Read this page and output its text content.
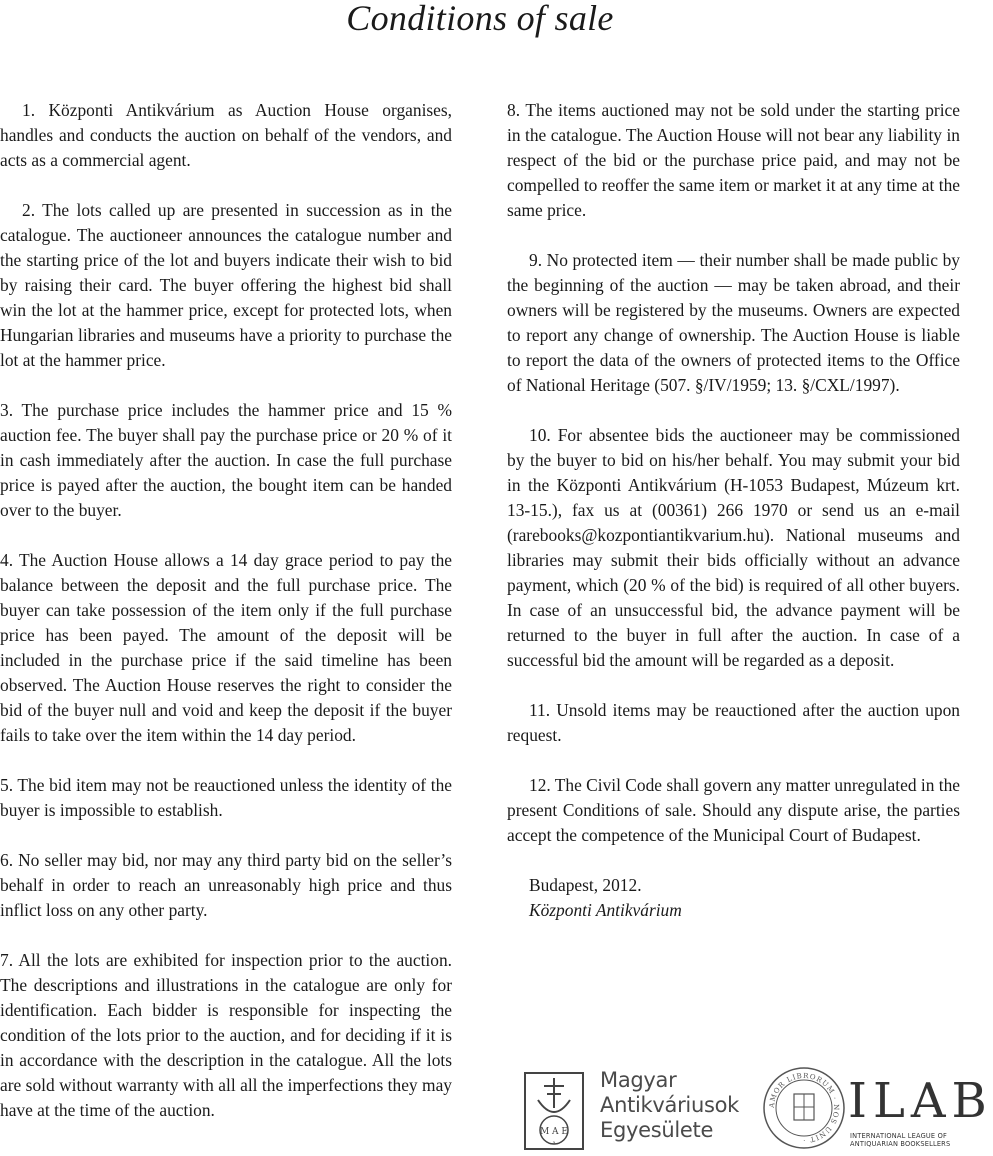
Conditions of sale

1. Központi Antikvárium as Auction House organises, handles and conducts the auction on behalf of the vendors, and acts as a commercial agent.

2. The lots called up are presented in succession as in the catalogue. The auctioneer announces the catalogue number and the starting price of the lot and buyers indicate their wish to bid by raising their card. The buyer offering the highest bid shall win the lot at the hammer price, except for protected lots, when Hungarian libraries and museums have a priority to purchase the lot at the hammer price.

3. The purchase price includes the hammer price and 15 % auction fee. The buyer shall pay the purchase price or 20 % of it in cash immediately after the auction. In case the full purchase price is payed after the auction, the bought item can be handed over to the buyer.

4. The Auction House allows a 14 day grace period to pay the balance between the deposit and the full purchase price. The buyer can take possession of the item only if the full purchase price has been payed. The amount of the deposit will be included in the purchase price if the said timeline has been observed. The Auction House reserves the right to consider the bid of the buyer null and void and keep the deposit if the buyer fails to take over the item within the 14 day period.

5. The bid item may not be reauctioned unless the identity of the buyer is impossible to establish.

6. No seller may bid, nor may any third party bid on the seller’s behalf in order to reach an unreasonably high price and thus inflict loss on any other party.

7. All the lots are exhibited for inspection prior to the auction. The descriptions and illustrations in the catalogue are only for identification. Each bidder is responsible for inspecting the condition of the lots prior to the auction, and for deciding if it is in accordance with the description in the catalogue. All the lots are sold without warranty with all all the imperfections they may have at the time of the auction.

8. The items auctioned may not be sold under the starting price in the catalogue. The Auction House will not bear any liability in respect of the bid or the purchase price paid, and may not be compelled to reoffer the same item or market it at any time at the same price.

9. No protected item — their number shall be made public by the beginning of the auction — may be taken abroad, and their owners will be registered by the museums. Owners are expected to report any change of ownership. The Auction House is liable to report the data of the owners of protected items to the Office of National Heritage (507. §/IV/1959; 13. §/CXL/1997).

10. For absentee bids the auctioneer may be commissioned by the buyer to bid on his/her behalf. You may submit your bid in the Központi Antikvárium (H-1053 Budapest, Múzeum krt. 13-15.), fax us at (00361) 266 1970 or send us an e-mail (rarebooks@kozpontiantikvarium.hu). National museums and libraries may submit their bids officially without an advance payment, which (20 % of the bid) is required of all other buyers. In case of an unsuccessful bid, the advance payment will be returned to the buyer in full after the auction. In case of a successful bid the amount will be regarded as a deposit.

11. Unsold items may be reauctioned after the auction upon request.

12. The Civil Code shall govern any matter unregulated in the present Conditions of sale. Should any dispute arise, the parties accept the competence of the Municipal Court of Budapest.

Budapest, 2012.

Központi Antikvárium

M A E
a
Magyar
Antikváriusok
Egyesülete
AMOR LIBRORUM · NOS UNIT ·
ILAB
INTERNATIONAL LEAGUE OF ANTIQUARIAN BOOKSELLERS
